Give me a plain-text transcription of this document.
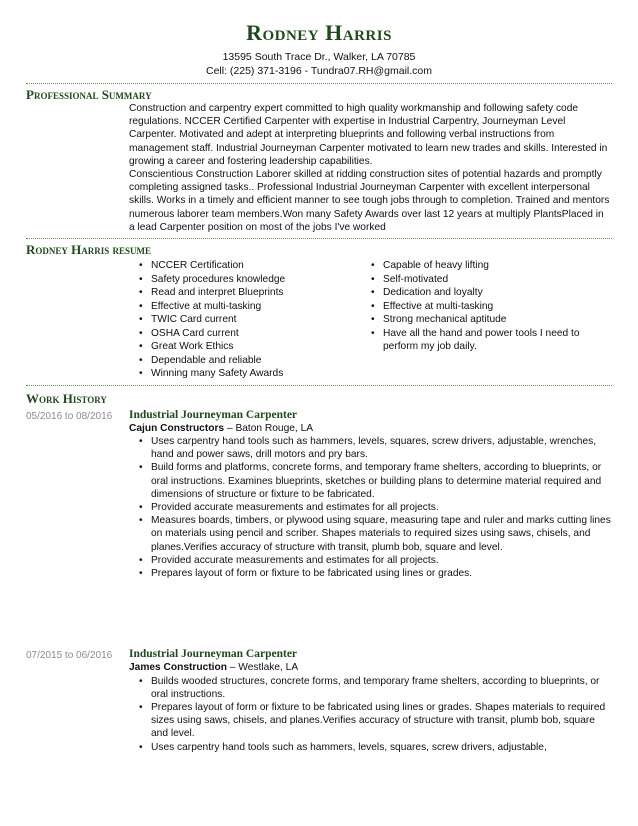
Rodney Harris
13595 South Trace Dr., Walker, LA 70785
Cell: (225) 371-3196 - Tundra07.RH@gmail.com
Professional Summary

Construction and carpentry expert committed to high quality workmanship and following safety code regulations. NCCER Certified Carpenter with expertise in Industrial Carpentry, Journeyman Level Carpenter. Motivated and adept at interpreting blueprints and following verbal instructions from management staff. Industrial Journeyman Carpenter motivated to learn new trades and skills. Interested in growing a career and fostering leadership capabilities.

Conscientious Construction Laborer skilled at ridding construction sites of potential hazards and promptly completing assigned tasks.. Professional Industrial Journeyman Carpenter with excellent interpersonal skills. Works in a timely and efficient manner to see tough jobs through to completion. Trained and mentors numerous laborer team members.Won many Safety Awards over last 12 years at multiply PlantsPlaced in a lead Carpenter position on most of the jobs I've worked

Rodney Harris resume
• NCCER Certification
• Safety procedures knowledge
• Read and interpret Blueprints
• Effective at multi-tasking
• TWIC Card current
• OSHA Card current
• Great Work Ethics
• Dependable and reliable
• Winning many Safety Awards
• Capable of heavy lifting
• Self-motivated
• Dedication and loyalty
• Effective at multi-tasking
• Strong mechanical aptitude
• Have all the hand and power tools I need to perform my job daily.
Work History
05/2016 to 08/2016	Industrial Journeyman Carpenter
Cajun Constructors – Baton Rouge, LA
• Uses carpentry hand tools such as hammers, levels, squares, screw drivers, adjustable, wrenches, hand and power saws, drill motors and pry bars.
• Build forms and platforms, concrete forms, and temporary frame shelters, according to blueprints, or oral instructions. Examines blueprints, sketches or building plans to determine material required and dimensions of structure or fixture to be fabricated.
• Provided accurate measurements and estimates for all projects.
• Measures boards, timbers, or plywood using square, measuring tape and ruler and marks cutting lines on materials using pencil and scriber. Shapes materials to required sizes using saws, chisels, and planes.Verifies accuracy of structure with transit, plumb bob, square and level.
• Provided accurate measurements and estimates for all projects.
• Prepares layout of form or fixture to be fabricated using lines or grades.
07/2015 to 06/2016	Industrial Journeyman Carpenter
James Construction – Westlake, LA
• Builds wooded structures, concrete forms, and temporary frame shelters, according to blueprints, or oral instructions.
• Prepares layout of form or fixture to be fabricated using lines or grades. Shapes materials to required sizes using saws, chisels, and planes.Verifies accuracy of structure with transit, plumb bob, square and level.
• Uses carpentry hand tools such as hammers, levels, squares, screw drivers, adjustable,
